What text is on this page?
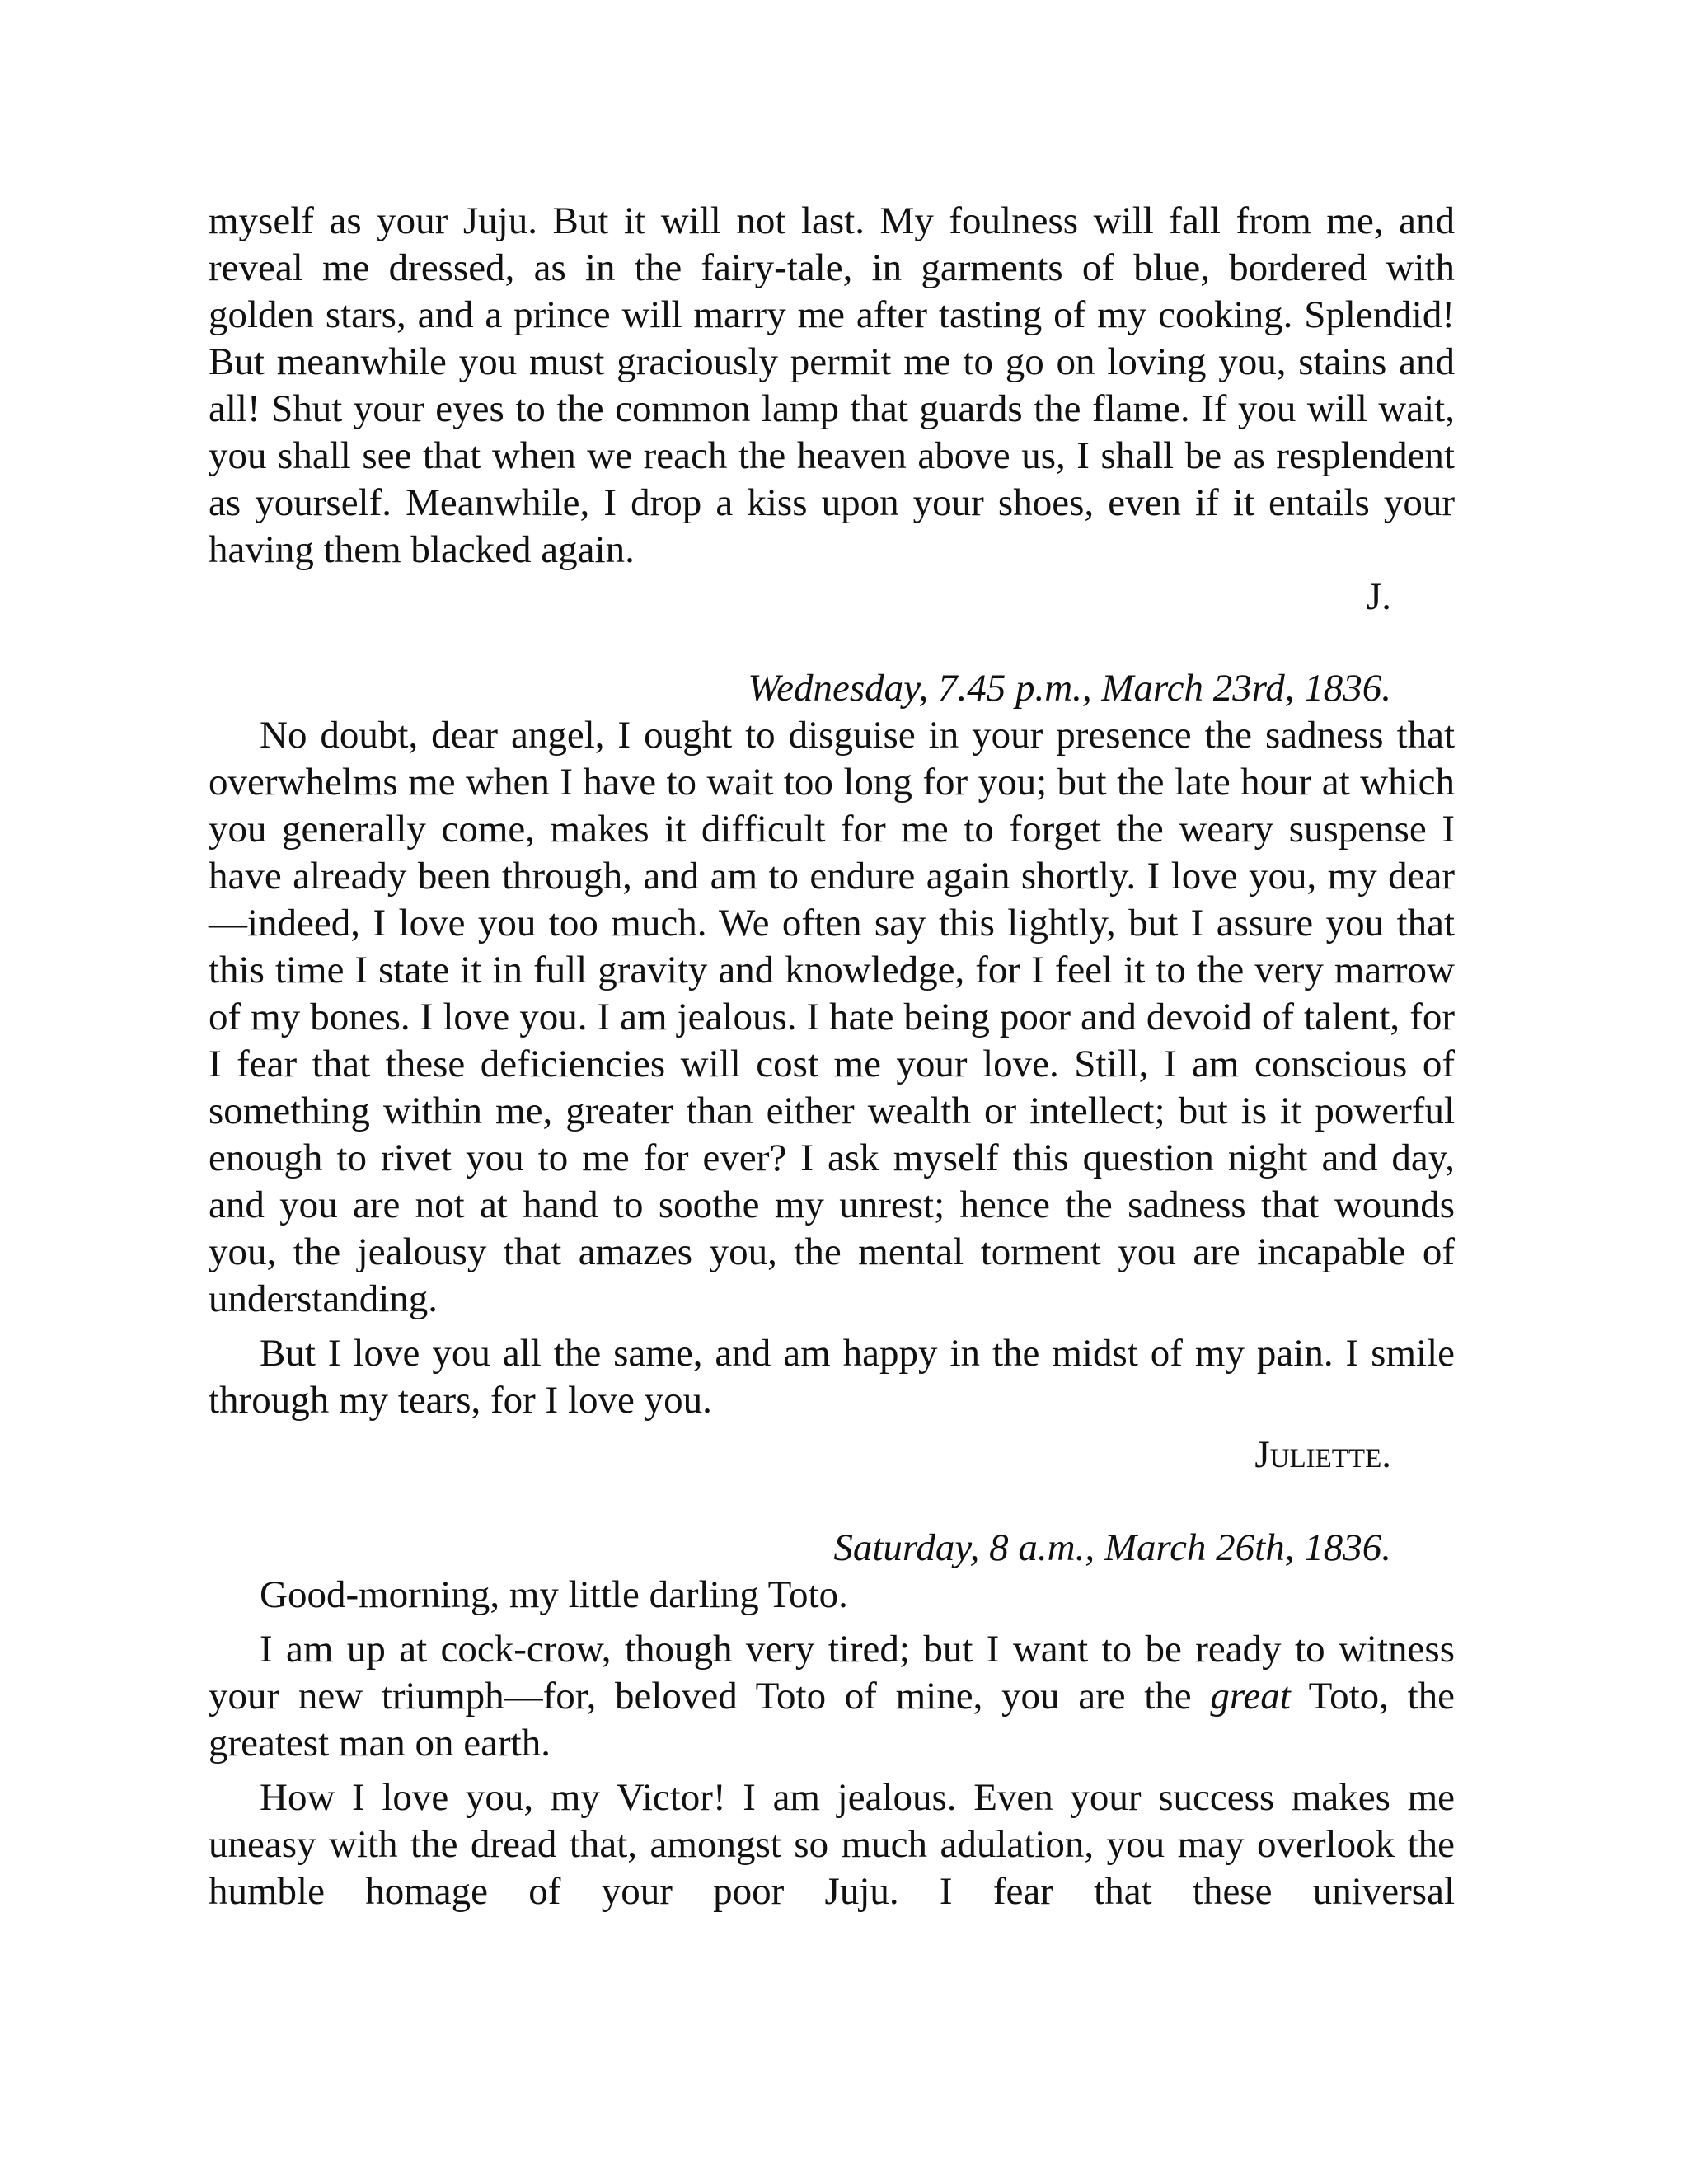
myself as your Juju. But it will not last. My foulness will fall from me, and reveal me dressed, as in the fairy-tale, in garments of blue, bordered with golden stars, and a prince will marry me after tasting of my cooking. Splendid! But meanwhile you must graciously permit me to go on loving you, stains and all! Shut your eyes to the common lamp that guards the flame. If you will wait, you shall see that when we reach the heaven above us, I shall be as resplendent as yourself. Meanwhile, I drop a kiss upon your shoes, even if it entails your having them blacked again.

J.

Wednesday, 7.45 p.m., March 23rd, 1836.

No doubt, dear angel, I ought to disguise in your presence the sadness that overwhelms me when I have to wait too long for you; but the late hour at which you generally come, makes it difficult for me to forget the weary suspense I have already been through, and am to endure again shortly. I love you, my dear—indeed, I love you too much. We often say this lightly, but I assure you that this time I state it in full gravity and knowledge, for I feel it to the very marrow of my bones. I love you. I am jealous. I hate being poor and devoid of talent, for I fear that these deficiencies will cost me your love. Still, I am conscious of something within me, greater than either wealth or intellect; but is it powerful enough to rivet you to me for ever? I ask myself this question night and day, and you are not at hand to soothe my unrest; hence the sadness that wounds you, the jealousy that amazes you, the mental torment you are incapable of understanding.

But I love you all the same, and am happy in the midst of my pain. I smile through my tears, for I love you.

Juliette.

Saturday, 8 a.m., March 26th, 1836.

Good-morning, my little darling Toto.

I am up at cock-crow, though very tired; but I want to be ready to witness your new triumph—for, beloved Toto of mine, you are the great Toto, the greatest man on earth.

How I love you, my Victor! I am jealous. Even your success makes me uneasy with the dread that, amongst so much adulation, you may overlook the humble homage of your poor Juju. I fear that these universal
